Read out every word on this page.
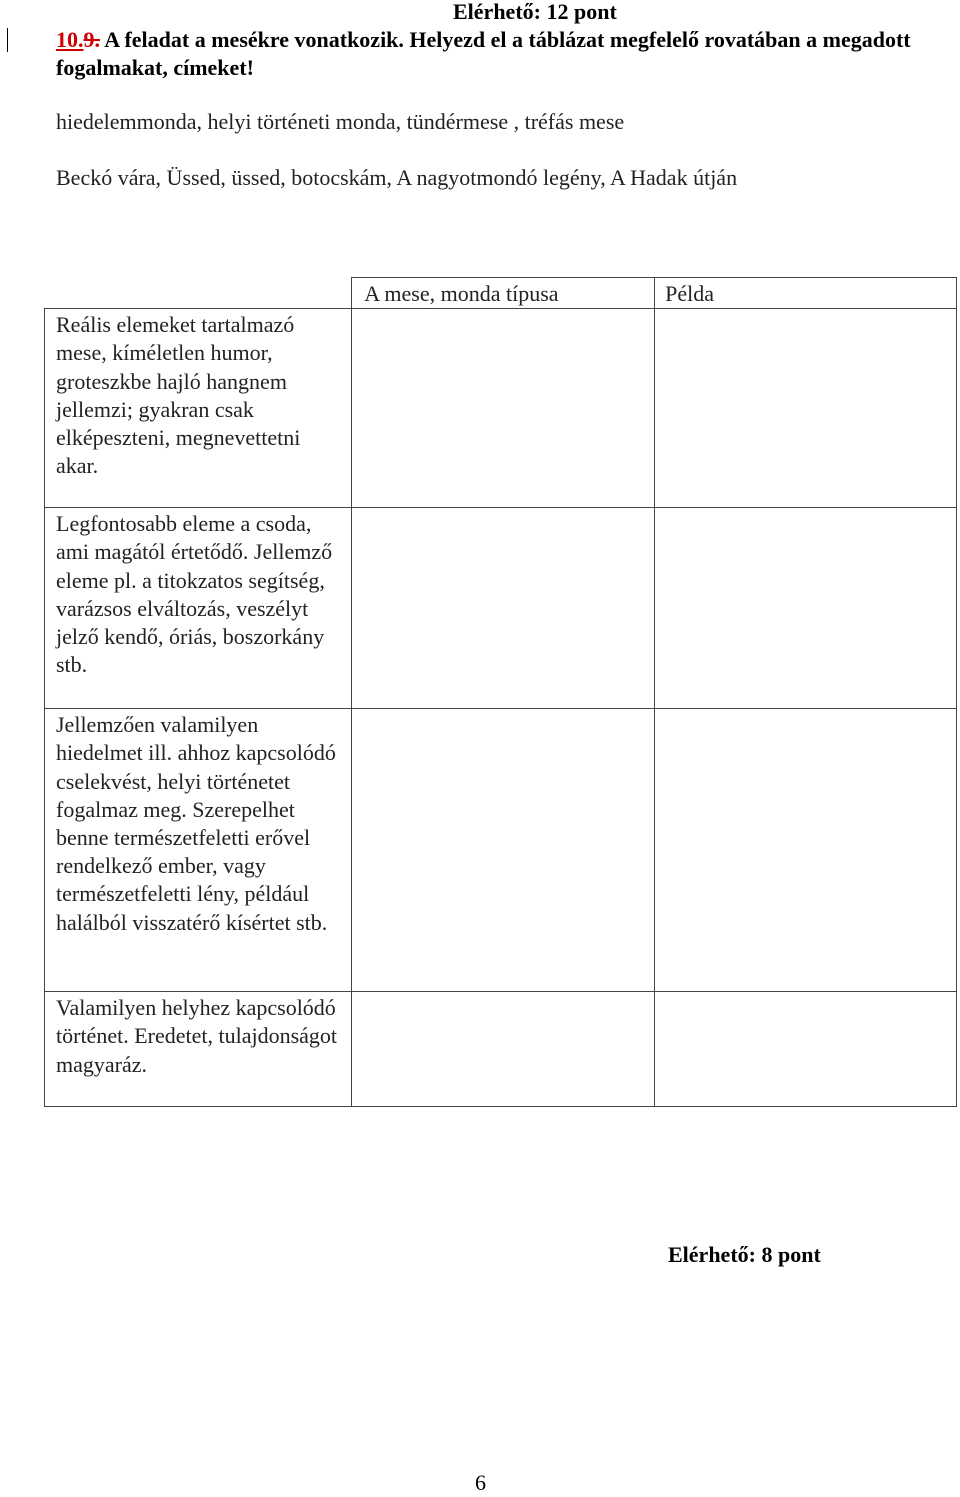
Elérhető: 12 pont
10.9. A feladat a mesékre vonatkozik. Helyezd el a táblázat megfelelő rovatában a megadott fogalmakat, címeket!
hiedelemmonda, helyi történeti monda, tündérmese , tréfás mese
Beckó vára, Üssed, üssed, botocskám, A nagyotmondó legény, A Hadak útján
	A mese, monda típusa	Példa
Reális elemeket tartalmazó mese, kíméletlen humor, groteszkbe hajló hangnem jellemzi; gyakran csak elképeszteni, megnevettetni akar.		
Legfontosabb eleme a csoda, ami magától értetődő. Jellemző eleme pl. a titokzatos segítség, varázsos elváltozás, veszélyt jelző kendő, óriás, boszorkány stb.		
Jellemzően valamilyen hiedelmet ill. ahhoz kapcsolódó cselekvést, helyi történetet fogalmaz meg. Szerepelhet benne természetfeletti erővel rendelkező ember, vagy természetfeletti lény, például halálból visszatérő kísértet stb.		
Valamilyen helyhez kapcsolódó történet. Eredetet, tulajdonságot magyaráz.		
Elérhető: 8 pont
6
